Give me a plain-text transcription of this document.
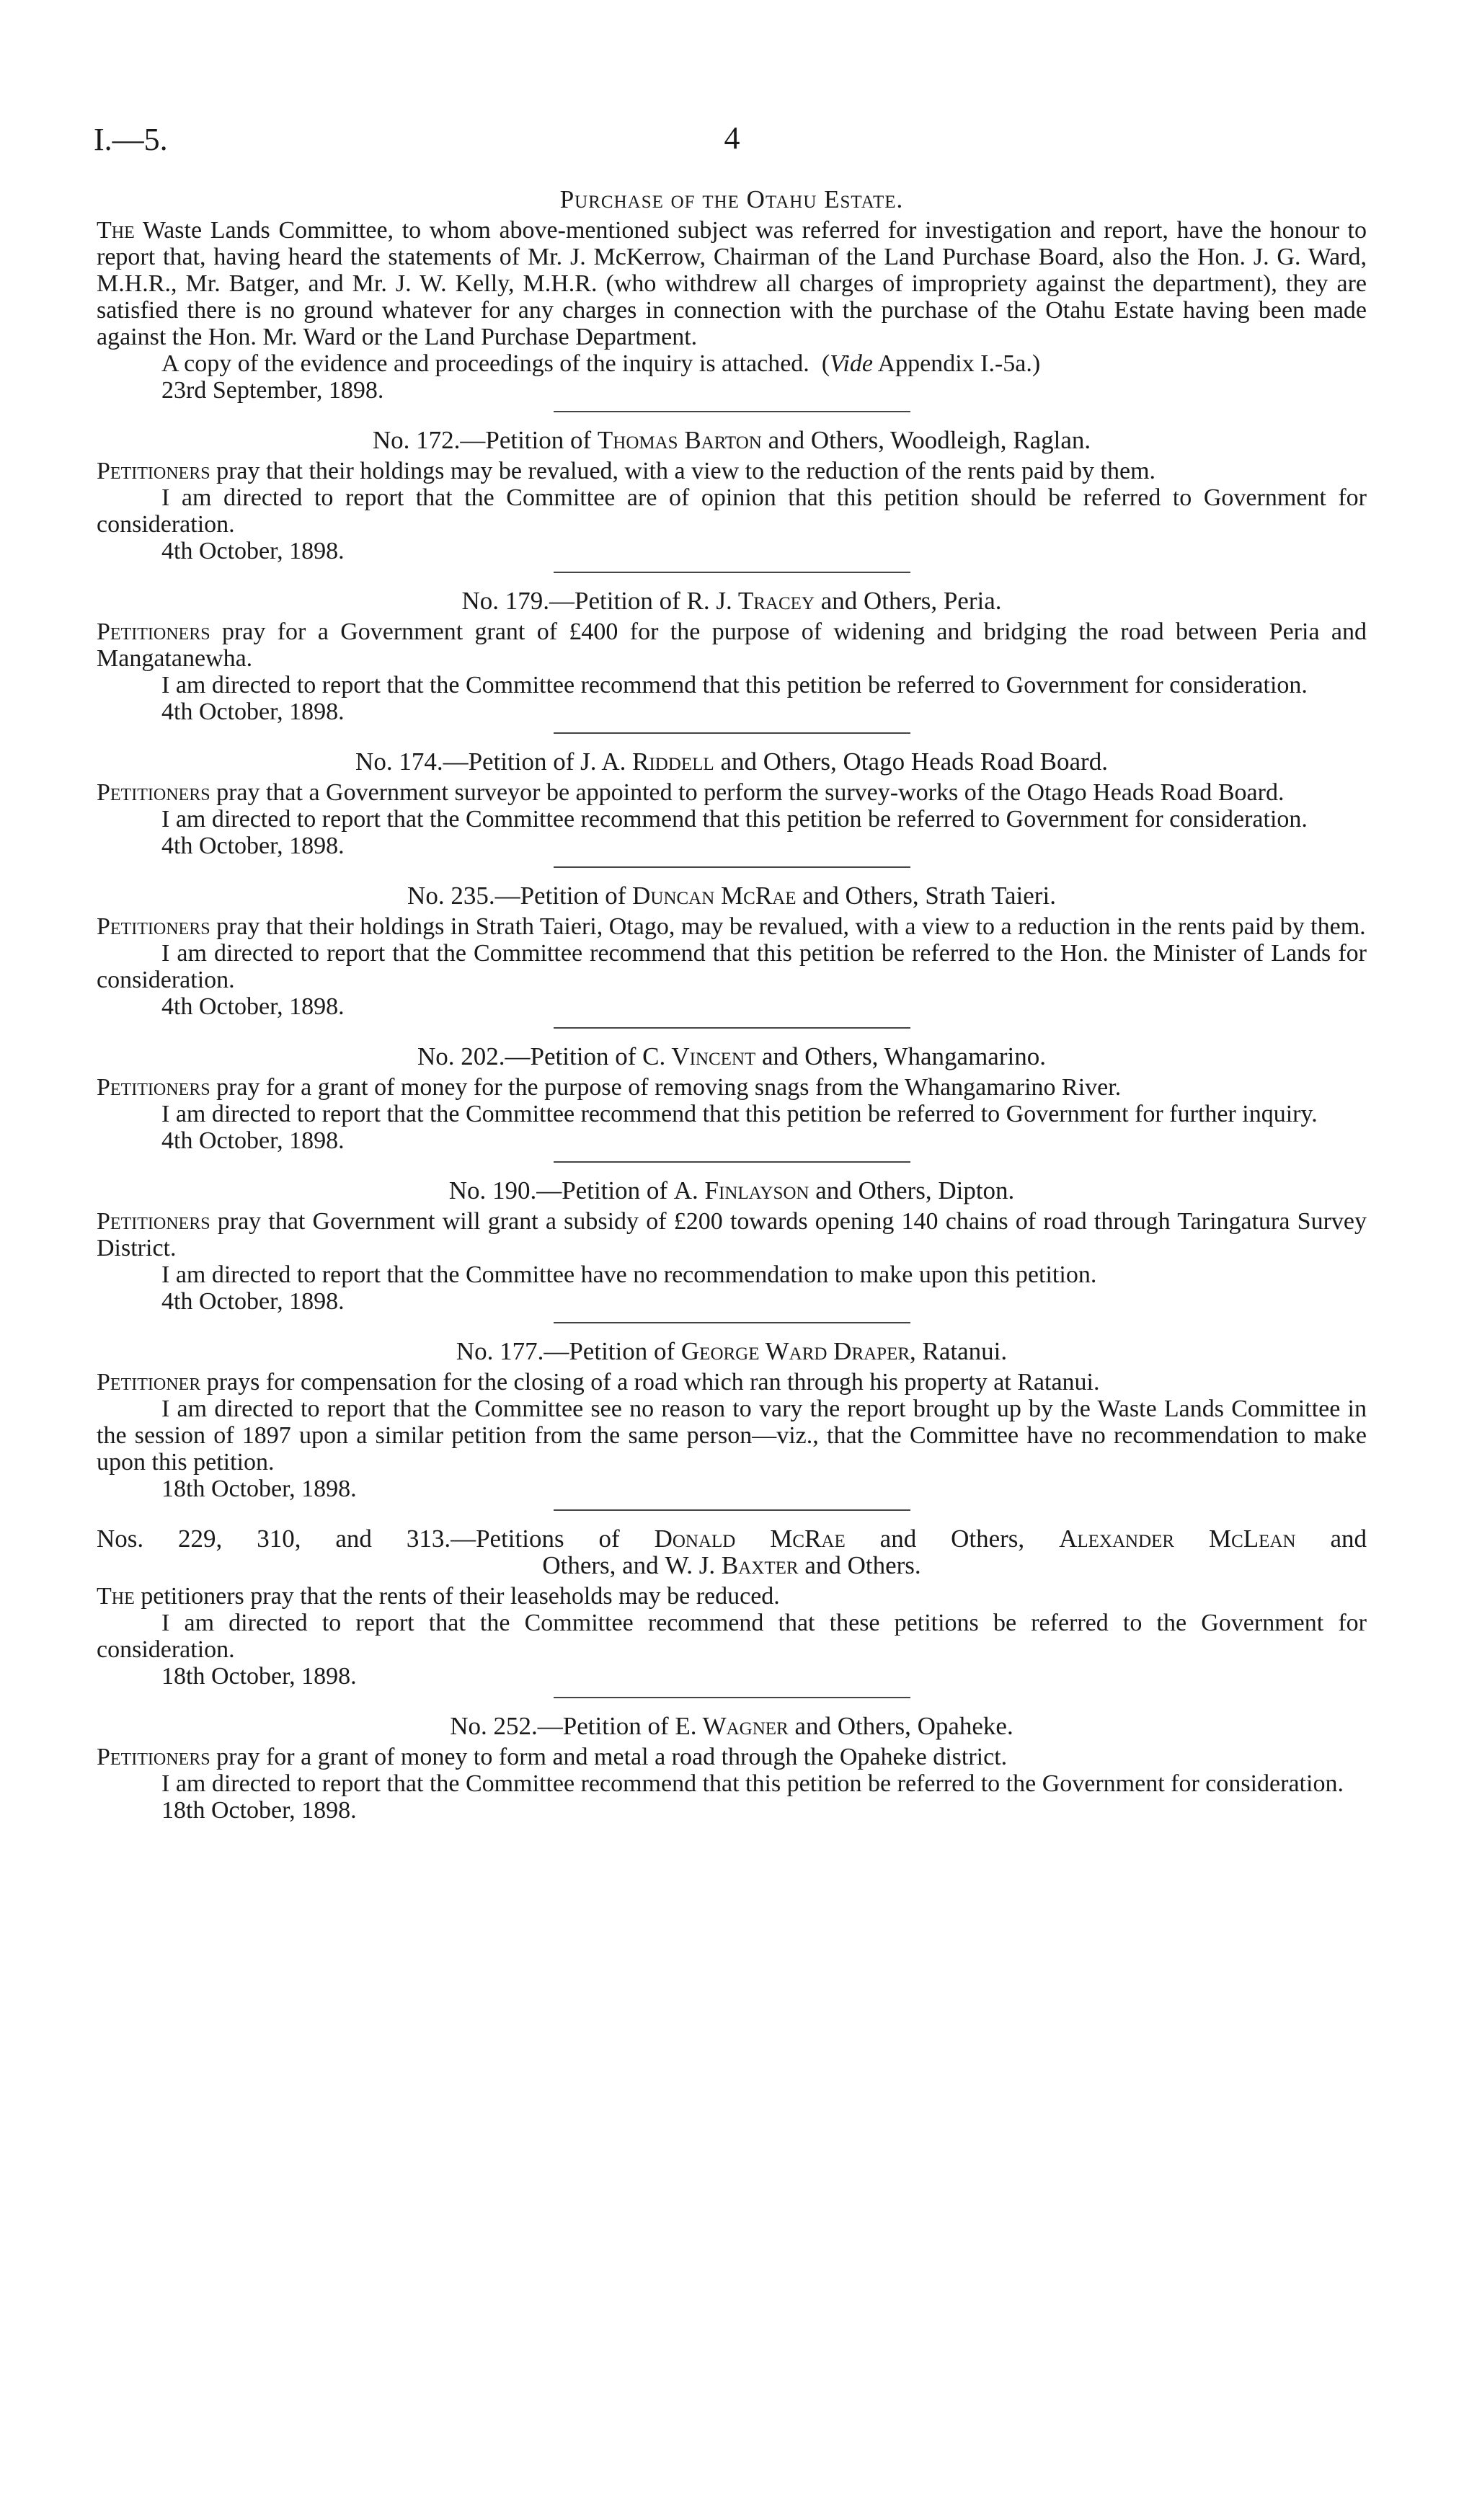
I.—5.	4

Purchase of the Otahu Estate.

The Waste Lands Committee, to whom above-mentioned subject was referred for investigation and report, have the honour to report that, having heard the statements of Mr. J. McKerrow, Chairman of the Land Purchase Board, also the Hon. J. G. Ward, M.H.R., Mr. Batger, and Mr. J. W. Kelly, M.H.R. (who withdrew all charges of impropriety against the department), they are satisfied there is no ground whatever for any charges in connection with the purchase of the Otahu Estate having been made against the Hon. Mr. Ward or the Land Purchase Department.

A copy of the evidence and proceedings of the inquiry is attached.  (Vide Appendix I.-5a.)

23rd September, 1898.

No. 172.—Petition of Thomas Barton and Others, Woodleigh, Raglan.

Petitioners pray that their holdings may be revalued, with a view to the reduction of the rents paid by them.

I am directed to report that the Committee are of opinion that this petition should be referred to Government for consideration.

4th October, 1898.

No. 179.—Petition of R. J. Tracey and Others, Peria.

Petitioners pray for a Government grant of £400 for the purpose of widening and bridging the road between Peria and Mangatanewha.

I am directed to report that the Committee recommend that this petition be referred to Government for consideration.

4th October, 1898.

No. 174.—Petition of J. A. Riddell and Others, Otago Heads Road Board.

Petitioners pray that a Government surveyor be appointed to perform the survey-works of the Otago Heads Road Board.

I am directed to report that the Committee recommend that this petition be referred to Government for consideration.

4th October, 1898.

No. 235.—Petition of Duncan McRae and Others, Strath Taieri.

Petitioners pray that their holdings in Strath Taieri, Otago, may be revalued, with a view to a reduction in the rents paid by them.

I am directed to report that the Committee recommend that this petition be referred to the Hon. the Minister of Lands for consideration.

4th October, 1898.

No. 202.—Petition of C. Vincent and Others, Whangamarino.

Petitioners pray for a grant of money for the purpose of removing snags from the Whangamarino River.

I am directed to report that the Committee recommend that this petition be referred to Government for further inquiry.

4th October, 1898.

No. 190.—Petition of A. Finlayson and Others, Dipton.

Petitioners pray that Government will grant a subsidy of £200 towards opening 140 chains of road through Taringatura Survey District.

I am directed to report that the Committee have no recommendation to make upon this petition.

4th October, 1898.

No. 177.—Petition of George Ward Draper, Ratanui.

Petitioner prays for compensation for the closing of a road which ran through his property at Ratanui.

I am directed to report that the Committee see no reason to vary the report brought up by the Waste Lands Committee in the session of 1897 upon a similar petition from the same person—viz., that the Committee have no recommendation to make upon this petition.

18th October, 1898.

Nos. 229, 310, and 313.—Petitions of Donald McRae and Others, Alexander McLean and
Others, and W. J. Baxter and Others.

The petitioners pray that the rents of their leaseholds may be reduced.

I am directed to report that the Committee recommend that these petitions be referred to the Government for consideration.

18th October, 1898.

No. 252.—Petition of E. Wagner and Others, Opaheke.

Petitioners pray for a grant of money to form and metal a road through the Opaheke district.

I am directed to report that the Committee recommend that this petition be referred to the Government for consideration.

18th October, 1898.
